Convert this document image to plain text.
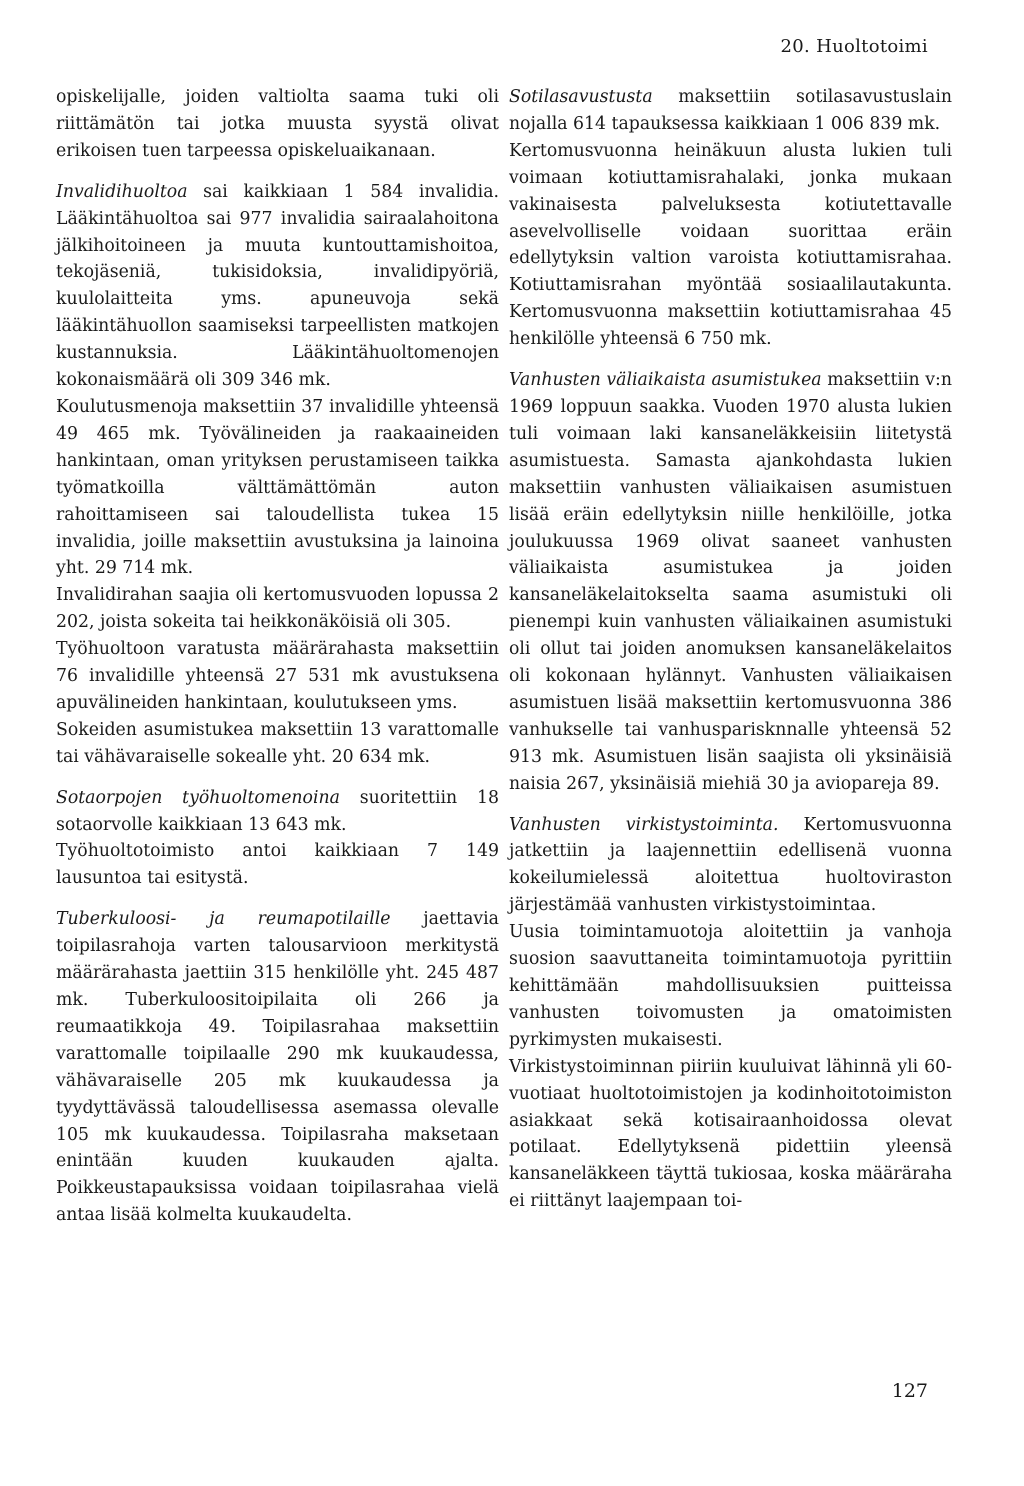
20. Huoltotoimi

opiskelijalle, joiden valtiolta saama tuki oli riittämätön tai jotka muusta syystä olivat erikoisen tuen tarpeessa opiskeluaikanaan.

Invalidihuoltoa sai kaikkiaan 1 584 invalidia. Lääkintähuoltoa sai 977 invalidia sairaalahoitona jälkihoitoineen ja muuta kuntouttamishoitoa, tekojäseniä, tukisidoksia, invalidipyöriä, kuulolaitteita yms. apuneuvoja sekä lääkintähuollon saamiseksi tarpeellisten matkojen kustannuksia. Lääkintähuoltomenojen kokonaismäärä oli 309 346 mk.

Koulutusmenoja maksettiin 37 invalidille yhteensä 49 465 mk. Työvälineiden ja raakaaineiden hankintaan, oman yrityksen perustamiseen taikka työmatkoilla välttämättömän auton rahoittamiseen sai taloudellista tukea 15 invalidia, joille maksettiin avustuksina ja lainoina yht. 29 714 mk.

Invalidirahan saajia oli kertomusvuoden lopussa 2 202, joista sokeita tai heikkonäköisiä oli 305.

Työhuoltoon varatusta määrärahasta maksettiin 76 invalidille yhteensä 27 531 mk avustuksena apuvälineiden hankintaan, koulutukseen yms.

Sokeiden asumistukea maksettiin 13 varattomalle tai vähävaraiselle sokealle yht. 20 634 mk.

Sotaorpojen työhuoltomenoina suoritettiin 18 sotaorvolle kaikkiaan 13 643 mk.

Työhuoltotoimisto antoi kaikkiaan 7 149 lausuntoa tai esitystä.

Tuberkuloosi- ja reumapotilaille jaettavia toipilasrahoja varten talousarvioon merkitystä määrärahasta jaettiin 315 henkilölle yht. 245 487 mk. Tuberkuloositoipilaita oli 266 ja reumaatikkoja 49. Toipilasrahaa maksettiin varattomalle toipilaalle 290 mk kuukaudessa, vähävaraiselle 205 mk kuukaudessa ja tyydyttävässä taloudellisessa asemassa olevalle 105 mk kuukaudessa. Toipilasraha maksetaan enintään kuuden kuukauden ajalta. Poikkeustapauksissa voidaan toipilasrahaa vielä antaa lisää kolmelta kuukaudelta.

Sotilasavustusta maksettiin sotilasavustuslain nojalla 614 tapauksessa kaikkiaan 1 006 839 mk.

Kertomusvuonna heinäkuun alusta lukien tuli voimaan kotiuttamisrahalaki, jonka mukaan vakinaisesta palveluksesta kotiutettavalle asevelvolliselle voidaan suorittaa eräin edellytyksin valtion varoista kotiuttamisrahaa. Kotiuttamisrahan myöntää sosiaalilautakunta. Kertomusvuonna maksettiin kotiuttamisrahaa 45 henkilölle yhteensä 6 750 mk.

Vanhusten väliaikaista asumistukea maksettiin v:n 1969 loppuun saakka. Vuoden 1970 alusta lukien tuli voimaan laki kansaneläkkeisiin liitetystä asumistuesta. Samasta ajankohdasta lukien maksettiin vanhusten väliaikaisen asumistuen lisää eräin edellytyksin niille henkilöille, jotka joulukuussa 1969 olivat saaneet vanhusten väliaikaista asumistukea ja joiden kansaneläkelaitokselta saama asumistuki oli pienempi kuin vanhusten väliaikainen asumistuki oli ollut tai joiden anomuksen kansaneläkelaitos oli kokonaan hylännyt. Vanhusten väliaikaisen asumistuen lisää maksettiin kertomusvuonna 386 vanhukselle tai vanhusparisknnalle yhteensä 52 913 mk. Asumistuen lisän saajista oli yksinäisiä naisia 267, yksinäisiä miehiä 30 ja aviopareja 89.

Vanhusten virkistystoiminta. Kertomusvuonna jatkettiin ja laajennettiin edellisenä vuonna kokeilumielessä aloitettua huoltoviraston järjestämää vanhusten virkistystoimintaa.

Uusia toimintamuotoja aloitettiin ja vanhoja suosion saavuttaneita toimintamuotoja pyrittiin kehittämään mahdollisuuksien puitteissa vanhusten toivomusten ja omatoimisten pyrkimysten mukaisesti.

Virkistystoiminnan piiriin kuuluivat lähinnä yli 60-vuotiaat huoltotoimistojen ja kodinhoitotoimiston asiakkaat sekä kotisairaanhoidossa olevat potilaat. Edellytyksenä pidettiin yleensä kansaneläkkeen täyttä tukiosaa, koska määräraha ei riittänyt laajempaan toi-

127
